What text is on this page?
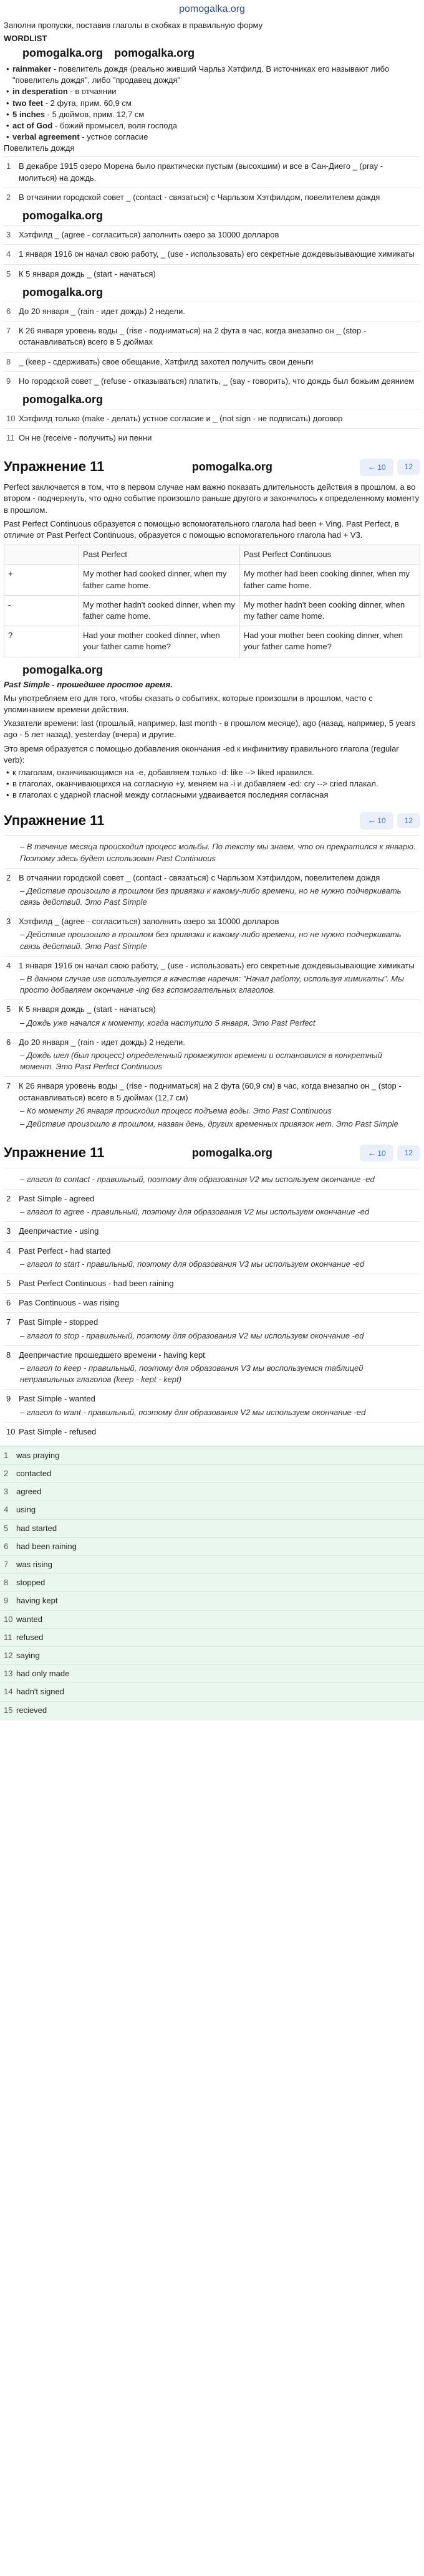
pomogalka.org
Заполни пропуски, поставив глаголы в скобках в правильную форму
WORDLIST
pomogalka.org pomogalka.org
• rainmaker - повелитель дождя (реально живший Чарльз Хэтфилд. В источниках его называют либо "повелитель дождя", либо "продавец дождя"
• in desperation - в отчаянии
• two feet - 2 фута, прим. 60,9 см
• 5 inches - 5 дюймов, прим. 12,7 см
• act of God - божий промысел, воля господа
• verbal agreement - устное согласие
Повелитель дождя
1 В декабре 1915 озеро Морена было практически пустым (высохшим) и все в Сан-Диего _ (pray - молиться) на дождь.
2 В отчаянии городской совет _ (contact - связаться) с Чарльзом Хэтфилдом, повелителем дождя
pomogalka.org
3 Хэтфилд _ (agree - согласиться) заполнить озеро за 10000 долларов
4 1 января 1916 он начал свою работу, _ (use - использовать) его секретные дождевызывающие химикаты
5 К 5 января дождь _ (start - начаться)
pomogalka.org
6 До 20 января _ (rain - идет дождь) 2 недели.
7 К 26 января уровень воды _ (rise - подниматься) на 2 фута в час, когда внезапно он _ (stop - останавливаться) всего в 5 дюймах
8 _ (keep - сдерживать) свое обещание, Хэтфилд захотел получить свои деньги
9 Но городской совет _ (refuse - отказываться) платить, _ (say - говорить), что дождь был божьим деянием
pomogalka.org
10 Хэтфилд только (make - делать) устное согласие и _ (not sign - не подписать) договор
11 Он не (receive - получить) ни пенни
Упражнение 11	pomogalka.org	← 10	12

Perfect заключается в том, что в первом случае нам важно показать длительность действия в прошлом, а во втором - подчеркнуть, что одно событие произошло раньше другого и закончилось к определенному моменту в прошлом.

Past Perfect Continuous образуется с помощью вспомогательного глагола had been + Ving. Past Perfect, в отличие от Past Perfect Continuous, образуется с помощью вспомогательного глагола had + V3.

	Past Perfect	Past Perfect Continuous
+	My mother had cooked dinner, when my father came home.	My mother had been cooking dinner, when my father came home.
-	My mother hadn't cooked dinner, when my father came home.	My mother hadn't been cooking dinner, when my father came home.
?	Had your mother cooked dinner, when your father came home?	Had your mother been cooking dinner, when your father came home?
pomogalka.org

Past Simple - прошедшее простое время.

Мы употребляем его для того, чтобы сказать о событиях, которые произошли в прошлом, часто с упоминанием времени действия.

Указатели времени: last (прошлый, например, last month - в прошлом месяце), ago (назад, например, 5 years ago - 5 лет назад), yesterday (вчера) и другие.

Это время образуется с помощью добавления окончания -ed к инфинитиву правильного глагола (regular verb):

• к глаголам, оканчивающимся на -e, добавляем только -d: like --> liked нравился.
• в глаголах, оканчивающихся на согласную +y, меняем на -i и добавляем -ed: cry --> cried плакал.
• в глаголах с ударной гласной между согласными удваивается последняя согласная
Упражнение 11	← 10	12
– В течение месяца происходил процесс мольбы. По тексту мы знаем, что он прекратился к январю. Поэтому здесь будет использован Past Continuous
2 В отчаянии городской совет _ (contact - связаться) с Чарльзом Хэтфилдом, повелителем дождя
– Действие произошло в прошлом без привязки к какому-либо времени, но не нужно подчеркивать связь действий. Это Past Simple
3 Хэтфилд _ (agree - согласиться) заполнить озеро за 10000 долларов
– Действие произошло в прошлом без привязки к какому-либо времени, но не нужно подчеркивать связь действий. Это Past Simple
4 1 января 1916 он начал свою работу, _ (use - использовать) его секретные дождевызывающие химикаты
– В данном случае use используется в качестве наречия: "Начал работу, используя химикаты". Мы просто добавляем окончание -ing без вспомогательных глаголов.
5 К 5 января дождь _ (start - начаться)
– Дождь уже начался к моменту, когда наступило 5 января. Это Past Perfect
6 До 20 января _ (rain - идет дождь) 2 недели.
– Дождь шел (был процесс) определенный промежуток времени и остановился в конкретный момент. Это Past Perfect Continuous
7 К 26 января уровень воды _ (rise - подниматься) на 2 фута (60,9 см) в час, когда внезапно он _ (stop - останавливаться) всего в 5 дюймах (12,7 см)
– Ко моменту 26 января происходил процесс подъема воды. Это Past Continuous
– Действие произошло в прошлом, назван день, других временных привязок нет. Это Past Simple
Упражнение 11	pomogalka.org	← 10	12
– глагол to contact - правильный, поэтому для образования V2 мы используем окончание -ed
2 Past Simple - agreed
– глагол to agree - правильный, поэтому для образования V2 мы используем окончание -ed
3 Деепричастие - using
4 Past Perfect - had started
– глагол to start - правильный, поэтому для образования V3 мы используем окончание -ed
5 Past Perfect Continuous - had been raining
6 Pas Continuous - was rising
7 Past Simple - stopped
– глагол to stop - правильный, поэтому для образования V2 мы используем окончание -ed
8 Деепричастие прошедшего времени - having kept
– глагол to keep - правильный, поэтому для образования V3 мы воспользуемся таблицей неправильных глаголов (keep - kept - kept)
9 Past Simple - wanted
– глагол to want - правильный, поэтому для образования V2 мы используем окончание -ed
10 Past Simple - refused
1 was praying
2 contacted
3 agreed
4 using
5 had started
6 had been raining
7 was rising
8 stopped
9 having kept
10 wanted
11 refused
12 saying
13 had only made
14 hadn't signed
15 recieved
